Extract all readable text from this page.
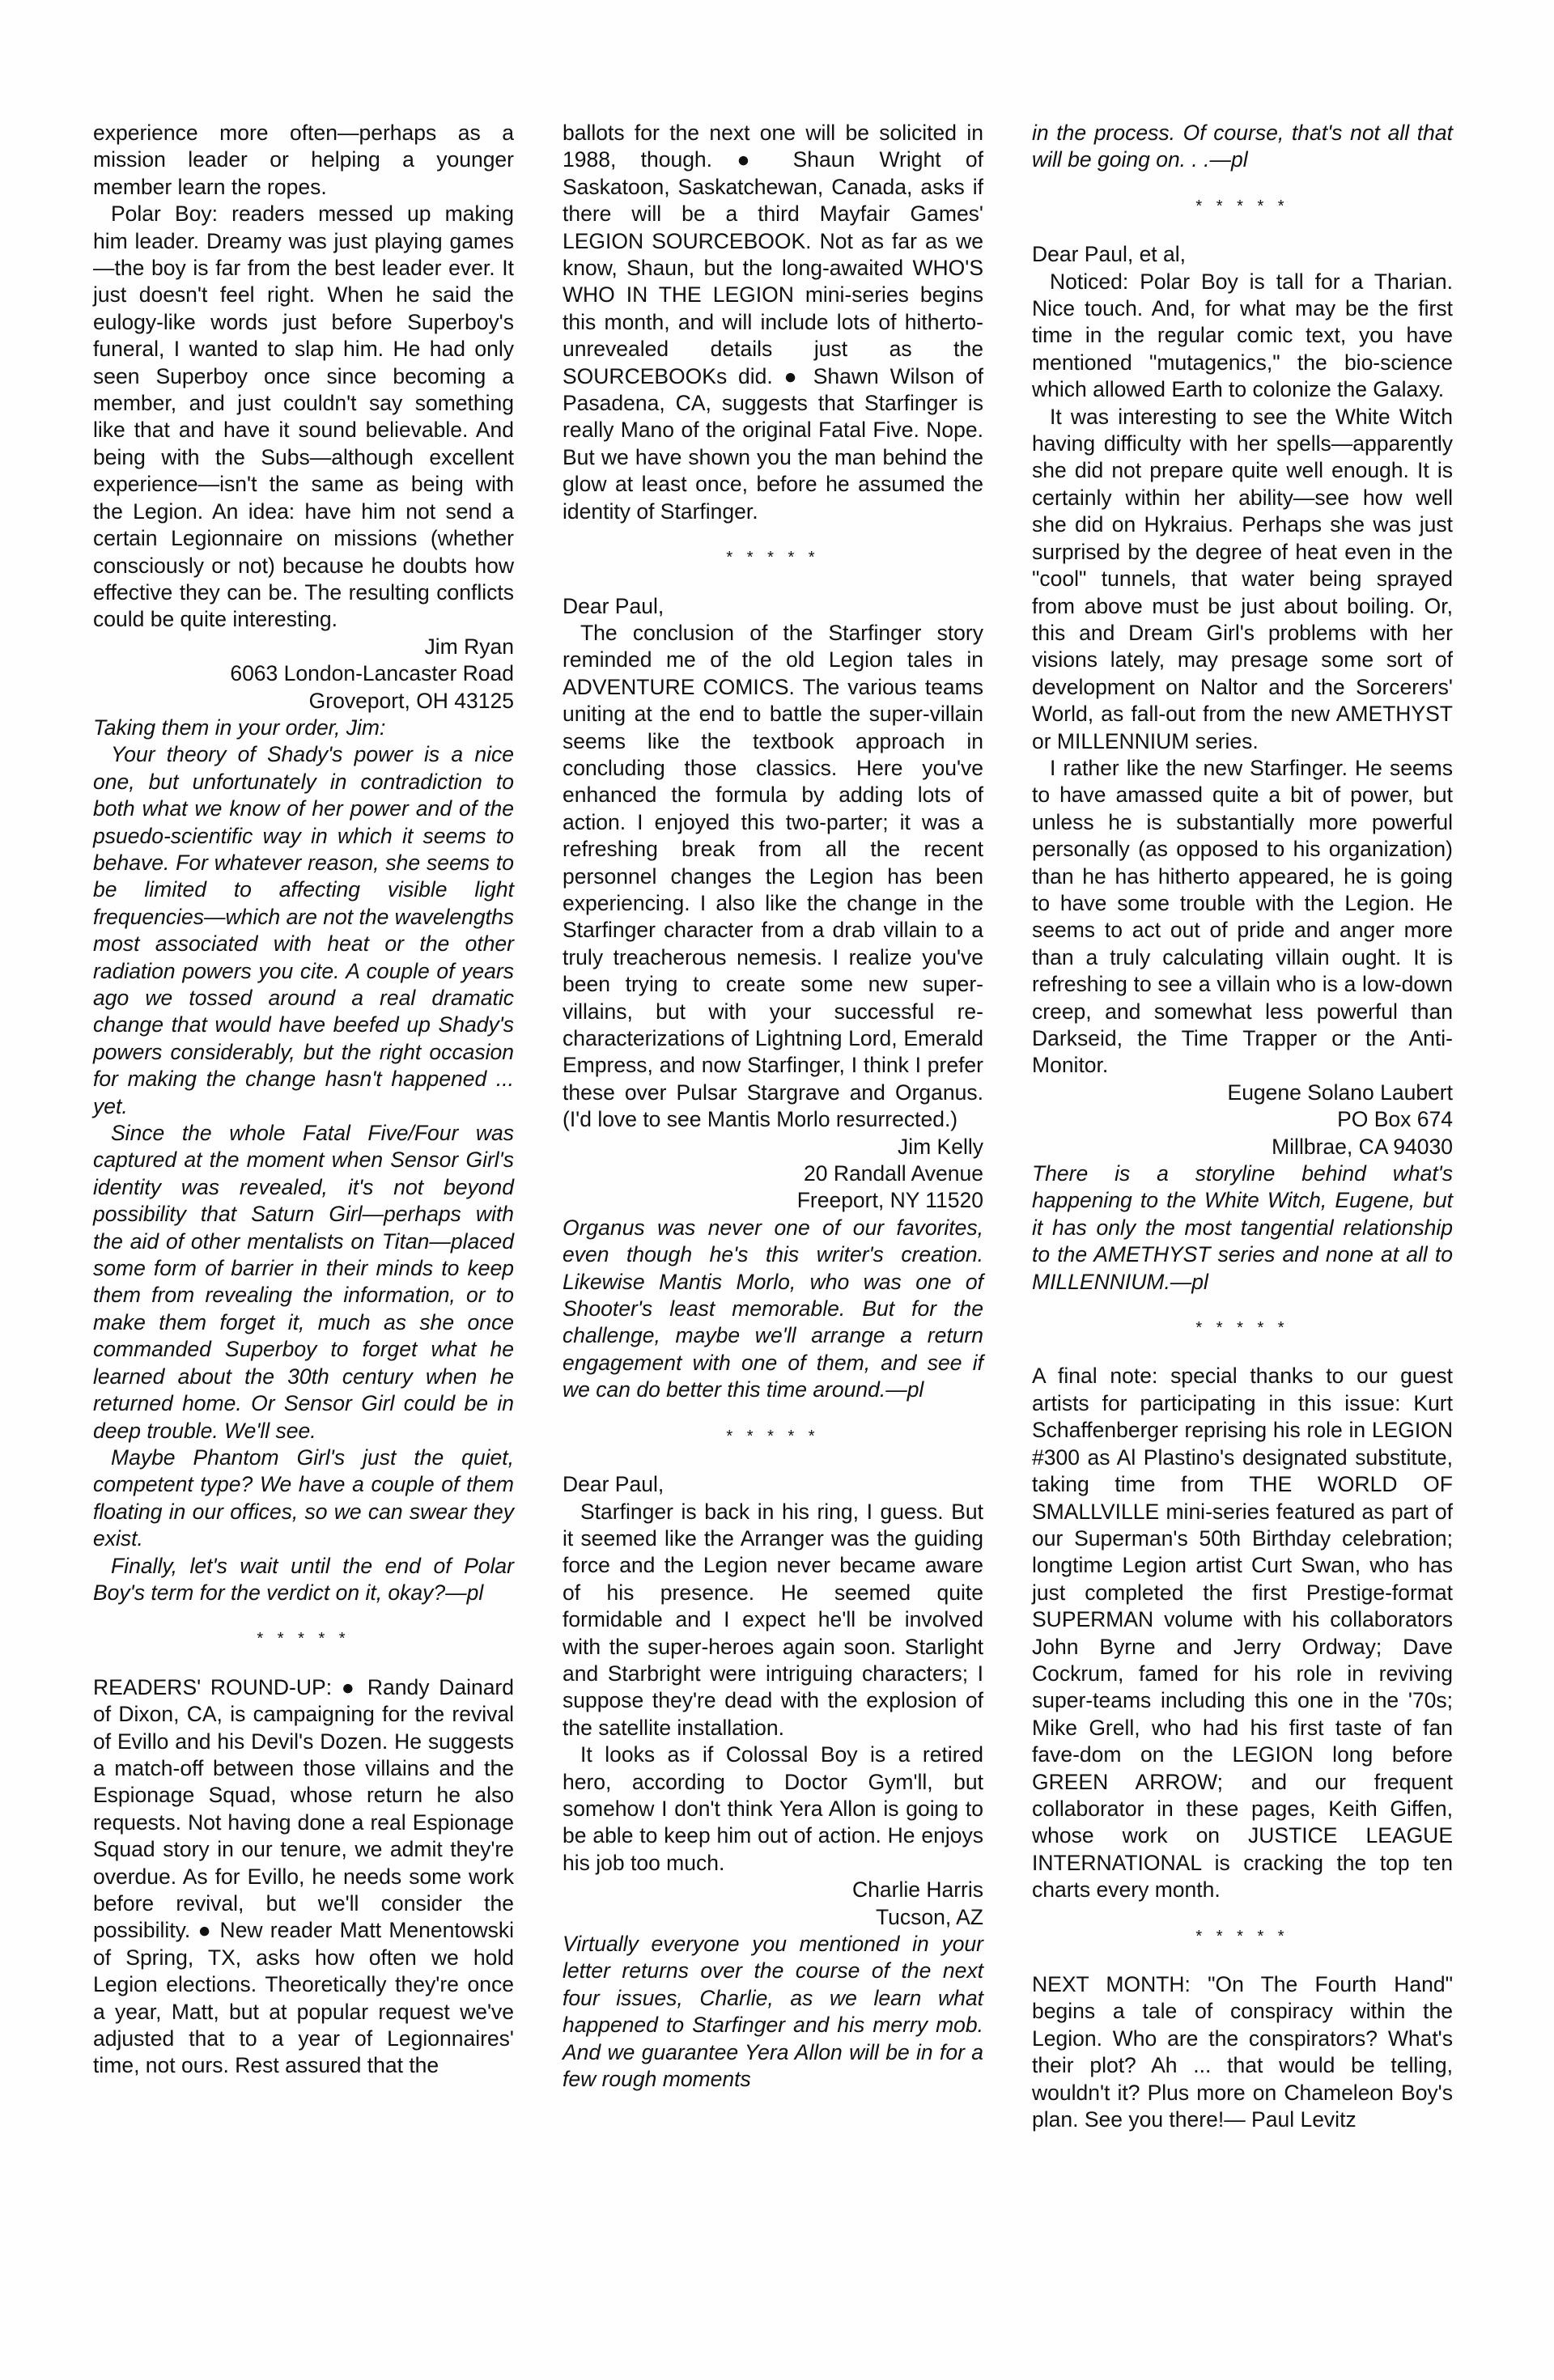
experience more often—perhaps as a mission leader or helping a younger member learn the ropes.

Polar Boy: readers messed up making him leader. Dreamy was just playing games—the boy is far from the best leader ever. It just doesn't feel right. When he said the eulogy-like words just before Superboy's funeral, I wanted to slap him. He had only seen Superboy once since becoming a member, and just couldn't say something like that and have it sound believable. And being with the Subs—although excellent experience—isn't the same as being with the Legion. An idea: have him not send a certain Legionnaire on missions (whether consciously or not) because he doubts how effective they can be. The resulting conflicts could be quite interesting.

Jim Ryan

6063 London-Lancaster Road

Groveport, OH 43125

Taking them in your order, Jim:

Your theory of Shady's power is a nice one, but unfortunately in contradiction to both what we know of her power and of the psuedo-scientific way in which it seems to behave. For whatever reason, she seems to be limited to affecting visible light frequencies—which are not the wavelengths most associated with heat or the other radiation powers you cite. A couple of years ago we tossed around a real dramatic change that would have beefed up Shady's powers considerably, but the right occasion for making the change hasn't happened ... yet.

Since the whole Fatal Five/Four was captured at the moment when Sensor Girl's identity was revealed, it's not beyond possibility that Saturn Girl—perhaps with the aid of other mentalists on Titan—placed some form of barrier in their minds to keep them from revealing the information, or to make them forget it, much as she once commanded Superboy to forget what he learned about the 30th century when he returned home. Or Sensor Girl could be in deep trouble. We'll see.

Maybe Phantom Girl's just the quiet, competent type? We have a couple of them floating in our offices, so we can swear they exist.

Finally, let's wait until the end of Polar Boy's term for the verdict on it, okay?—pl

* * * * *

READERS' ROUND-UP: ● Randy Dainard of Dixon, CA, is campaigning for the revival of Evillo and his Devil's Dozen. He suggests a match-off between those villains and the Espionage Squad, whose return he also requests. Not having done a real Espionage Squad story in our tenure, we admit they're overdue. As for Evillo, he needs some work before revival, but we'll consider the possibility. ● New reader Matt Menentowski of Spring, TX, asks how often we hold Legion elections. Theoretically they're once a year, Matt, but at popular request we've adjusted that to a year of Legionnaires' time, not ours. Rest assured that the

ballots for the next one will be solicited in 1988, though. ● Shaun Wright of Saskatoon, Saskatchewan, Canada, asks if there will be a third Mayfair Games' LEGION SOURCEBOOK. Not as far as we know, Shaun, but the long-awaited WHO'S WHO IN THE LEGION mini-series begins this month, and will include lots of hitherto-unrevealed details just as the SOURCEBOOKs did. ● Shawn Wilson of Pasadena, CA, suggests that Starfinger is really Mano of the original Fatal Five. Nope. But we have shown you the man behind the glow at least once, before he assumed the identity of Starfinger.

* * * * *

Dear Paul,

The conclusion of the Starfinger story reminded me of the old Legion tales in ADVENTURE COMICS. The various teams uniting at the end to battle the super-villain seems like the textbook approach in concluding those classics. Here you've enhanced the formula by adding lots of action. I enjoyed this two-parter; it was a refreshing break from all the recent personnel changes the Legion has been experiencing. I also like the change in the Starfinger character from a drab villain to a truly treacherous nemesis. I realize you've been trying to create some new super-villains, but with your successful re-characterizations of Lightning Lord, Emerald Empress, and now Starfinger, I think I prefer these over Pulsar Stargrave and Organus. (I'd love to see Mantis Morlo resurrected.)

Jim Kelly

20 Randall Avenue

Freeport, NY 11520

Organus was never one of our favorites, even though he's this writer's creation. Likewise Mantis Morlo, who was one of Shooter's least memorable. But for the challenge, maybe we'll arrange a return engagement with one of them, and see if we can do better this time around.—pl

* * * * *

Dear Paul,

Starfinger is back in his ring, I guess. But it seemed like the Arranger was the guiding force and the Legion never became aware of his presence. He seemed quite formidable and I expect he'll be involved with the super-heroes again soon. Starlight and Starbright were intriguing characters; I suppose they're dead with the explosion of the satellite installation.

It looks as if Colossal Boy is a retired hero, according to Doctor Gym'll, but somehow I don't think Yera Allon is going to be able to keep him out of action. He enjoys his job too much.

Charlie Harris

Tucson, AZ

Virtually everyone you mentioned in your letter returns over the course of the next four issues, Charlie, as we learn what happened to Starfinger and his merry mob. And we guarantee Yera Allon will be in for a few rough moments

in the process. Of course, that's not all that will be going on. . .—pl

* * * * *

Dear Paul, et al,

Noticed: Polar Boy is tall for a Tharian. Nice touch. And, for what may be the first time in the regular comic text, you have mentioned "mutagenics," the bio-science which allowed Earth to colonize the Galaxy.

It was interesting to see the White Witch having difficulty with her spells—apparently she did not prepare quite well enough. It is certainly within her ability—see how well she did on Hykraius. Perhaps she was just surprised by the degree of heat even in the "cool" tunnels, that water being sprayed from above must be just about boiling. Or, this and Dream Girl's problems with her visions lately, may presage some sort of development on Naltor and the Sorcerers' World, as fall-out from the new AMETHYST or MILLENNIUM series.

I rather like the new Starfinger. He seems to have amassed quite a bit of power, but unless he is substantially more powerful personally (as opposed to his organization) than he has hitherto appeared, he is going to have some trouble with the Legion. He seems to act out of pride and anger more than a truly calculating villain ought. It is refreshing to see a villain who is a low-down creep, and somewhat less powerful than Darkseid, the Time Trapper or the Anti-Monitor.

Eugene Solano Laubert

PO Box 674

Millbrae, CA 94030

There is a storyline behind what's happening to the White Witch, Eugene, but it has only the most tangential relationship to the AMETHYST series and none at all to MILLENNIUM.—pl

* * * * *

A final note: special thanks to our guest artists for participating in this issue: Kurt Schaffenberger reprising his role in LEGION #300 as Al Plastino's designated substitute, taking time from THE WORLD OF SMALLVILLE mini-series featured as part of our Superman's 50th Birthday celebration; longtime Legion artist Curt Swan, who has just completed the first Prestige-format SUPERMAN volume with his collaborators John Byrne and Jerry Ordway; Dave Cockrum, famed for his role in reviving super-teams including this one in the '70s; Mike Grell, who had his first taste of fan fave-dom on the LEGION long before GREEN ARROW; and our frequent collaborator in these pages, Keith Giffen, whose work on JUSTICE LEAGUE INTERNATIONAL is cracking the top ten charts every month.

* * * * *

NEXT MONTH: "On The Fourth Hand" begins a tale of conspiracy within the Legion. Who are the conspirators? What's their plot? Ah ... that would be telling, wouldn't it? Plus more on Chameleon Boy's plan. See you there!— Paul Levitz
